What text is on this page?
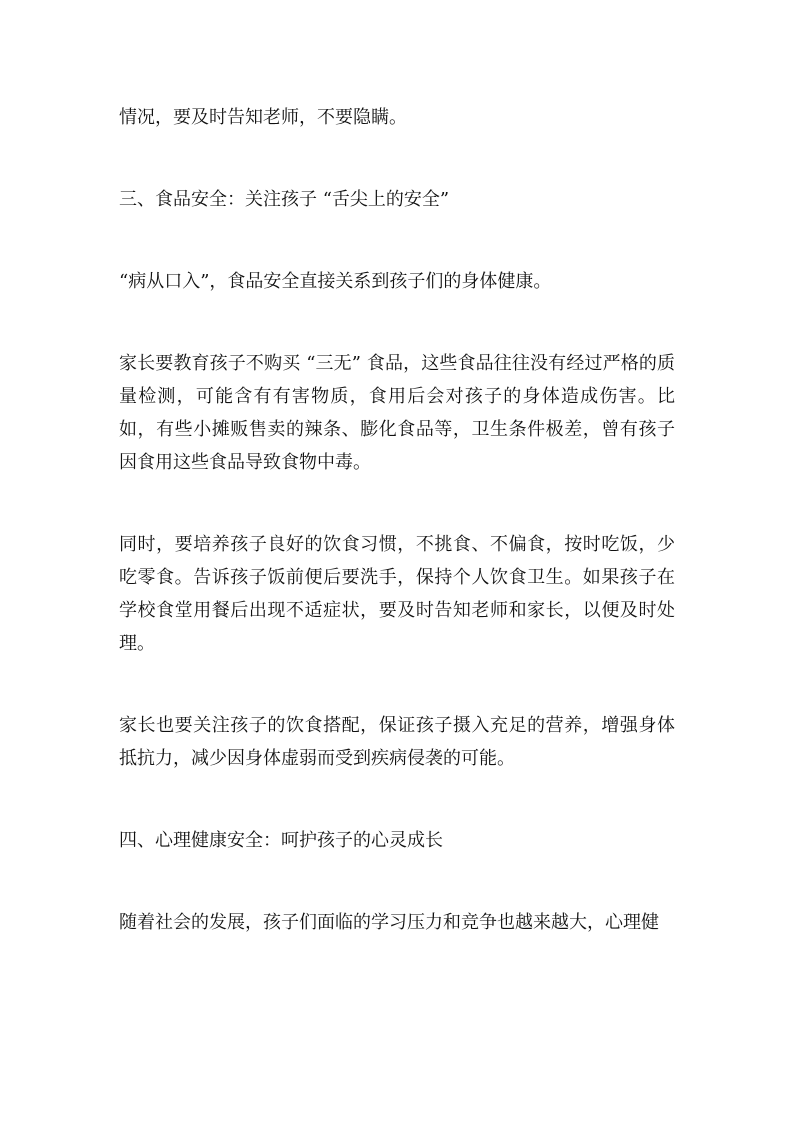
情况，要及时告知老师，不要隐瞒。

三、食品安全：关注孩子 “舌尖上的安全”

“病从口入”，食品安全直接关系到孩子们的身体健康。

家长要教育孩子不购买 “三无” 食品，这些食品往往没有经过严格的质量检测，可能含有有害物质，食用后会对孩子的身体造成伤害。比如，有些小摊贩售卖的辣条、膨化食品等，卫生条件极差，曾有孩子因食用这些食品导致食物中毒。

同时，要培养孩子良好的饮食习惯，不挑食、不偏食，按时吃饭，少吃零食。告诉孩子饭前便后要洗手，保持个人饮食卫生。如果孩子在学校食堂用餐后出现不适症状，要及时告知老师和家长，以便及时处理。

家长也要关注孩子的饮食搭配，保证孩子摄入充足的营养，增强身体抵抗力，减少因身体虚弱而受到疾病侵袭的可能。

四、心理健康安全：呵护孩子的心灵成长

随着社会的发展，孩子们面临的学习压力和竞争也越来越大，心理健
